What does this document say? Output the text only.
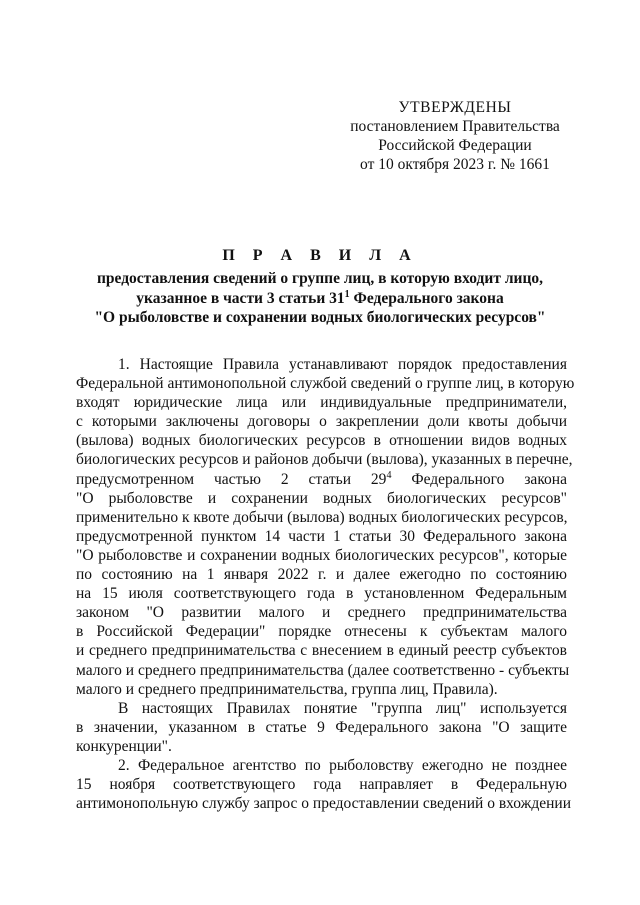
УТВЕРЖДЕНЫ
постановлением Правительства
Российской Федерации
от 10 октября 2023 г. № 1661
П Р А В И Л А
предоставления сведений о группе лиц, в которую входит лицо,
указанное в части 3 статьи $31^1$ Федерального закона
"О рыболовстве и сохранении водных биологических ресурсов"
1. Настоящие Правила устанавливают порядок предоставления
Федеральной антимонопольной службой сведений о группе лиц, в которую
входят юридические лица или индивидуальные предприниматели,
с которыми заключены договоры о закреплении доли квоты добычи
(вылова) водных биологических ресурсов в отношении видов водных
биологических ресурсов и районов добычи (вылова), указанных в перечне,
предусмотренном частью 2 статьи $29^4$ Федерального закона
"О рыболовстве и сохранении водных биологических ресурсов"
применительно к квоте добычи (вылова) водных биологических ресурсов,
предусмотренной пунктом 14 части 1 статьи 30 Федерального закона
"О рыболовстве и сохранении водных биологических ресурсов", которые
по состоянию на 1 января 2022 г. и далее ежегодно по состоянию
на 15 июля соответствующего года в установленном Федеральным
законом "О развитии малого и среднего предпринимательства
в Российской Федерации" порядке отнесены к субъектам малого
и среднего предпринимательства с внесением в единый реестр субъектов
малого и среднего предпринимательства (далее соответственно - субъекты
малого и среднего предпринимательства, группа лиц, Правила).
В настоящих Правилах понятие "группа лиц" используется
в значении, указанном в статье 9 Федерального закона "О защите
конкуренции".
2. Федеральное агентство по рыболовству ежегодно не позднее
15 ноября соответствующего года направляет в Федеральную
антимонопольную службу запрос о предоставлении сведений о вхождении
